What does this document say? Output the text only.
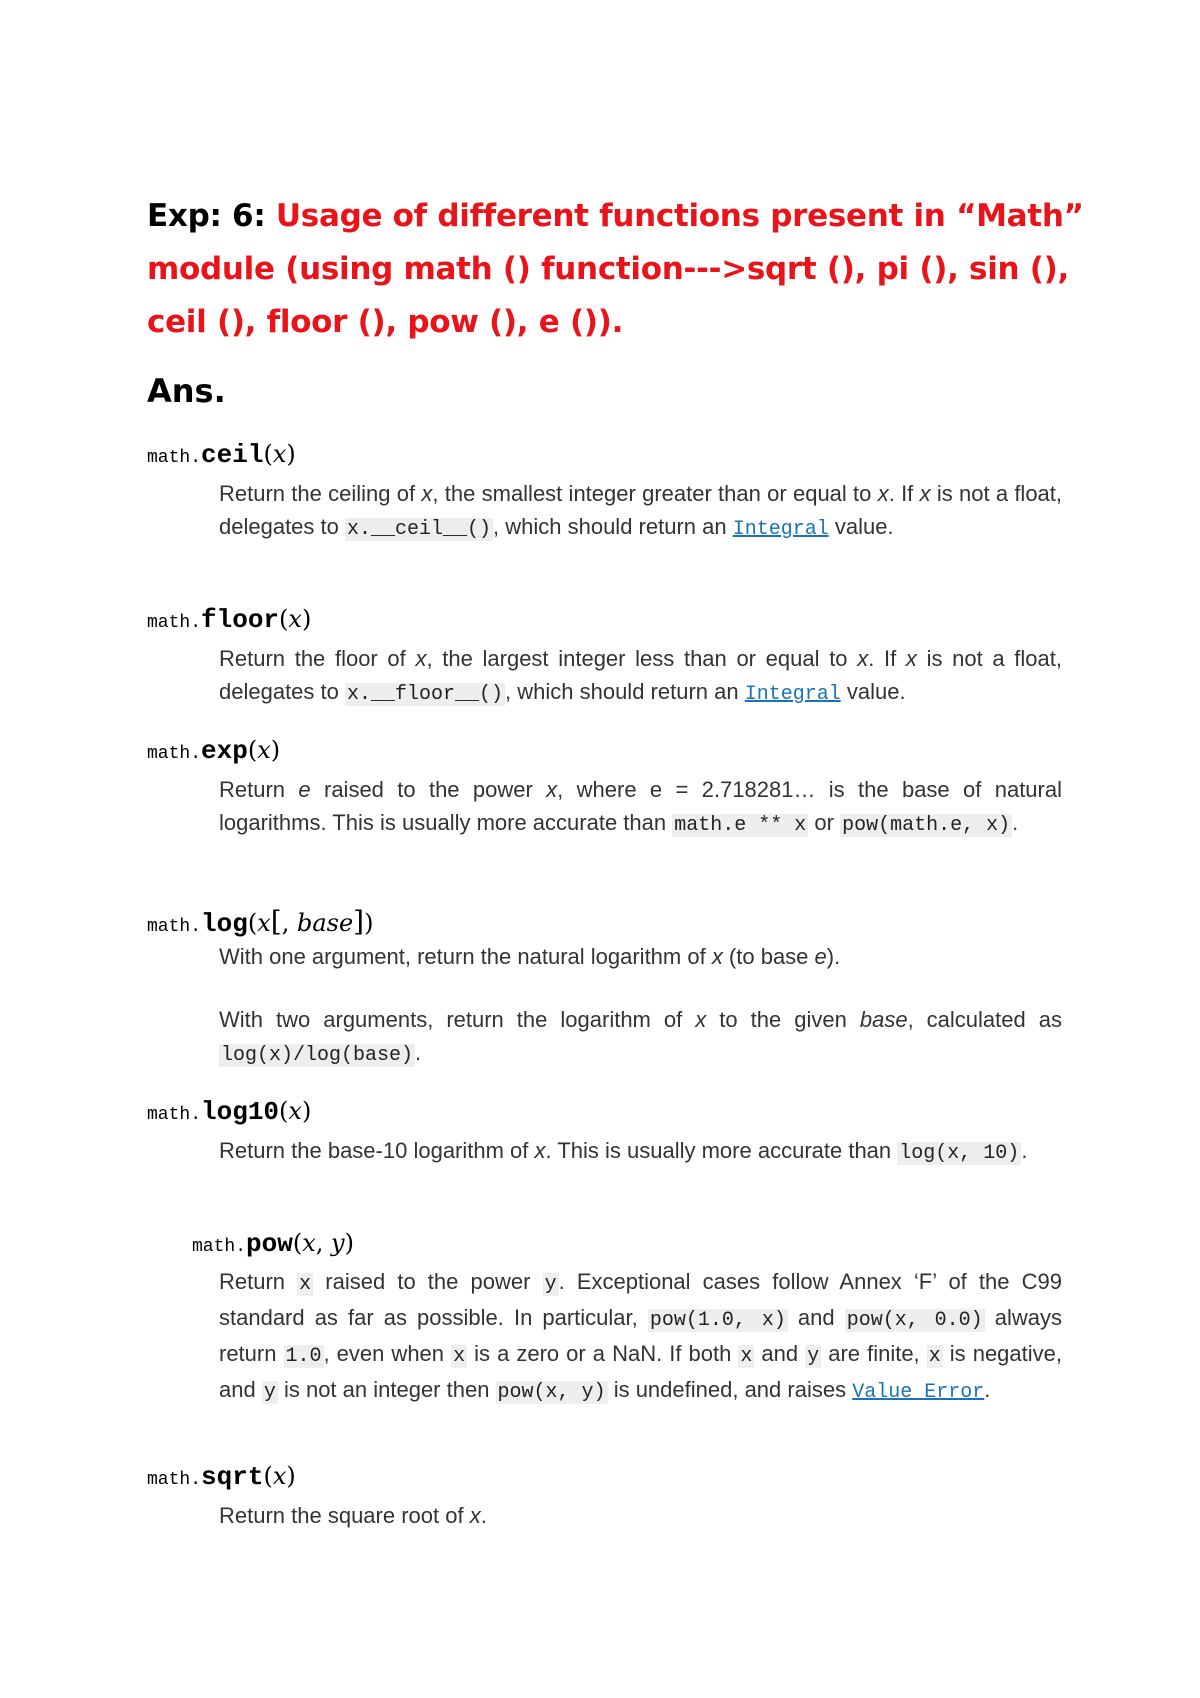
Exp: 6: Usage of different functions present in “Math” module (using math () function--->sqrt (), pi (), sin (), ceil (), floor (), pow (), e ()).
Ans.
math.ceil(x)
Return the ceiling of x, the smallest integer greater than or equal to x. If x is not a float, delegates to x.__ceil__(), which should return an Integral value.
math.floor(x)
Return the floor of x, the largest integer less than or equal to x. If x is not a float, delegates to x.__floor__(), which should return an Integral value.
math.exp(x)
Return e raised to the power x, where e = 2.718281… is the base of natural logarithms. This is usually more accurate than math.e ** x or pow(math.e, x).
math.log(x[, base])

With one argument, return the natural logarithm of x (to base e).

With two arguments, return the logarithm of x to the given base, calculated as log(x)/log(base).

math.log10(x)
Return the base-10 logarithm of x. This is usually more accurate than log(x, 10).
math.pow(x, y)
Return x raised to the power y. Exceptional cases follow Annex ‘F’ of the C99 standard as far as possible. In particular, pow(1.0, x) and pow(x, 0.0) always return 1.0, even when x is a zero or a NaN. If both x and y are finite, x is negative, and y is not an integer then pow(x, y) is undefined, and raises Value Error.
math.sqrt(x)
Return the square root of x.
